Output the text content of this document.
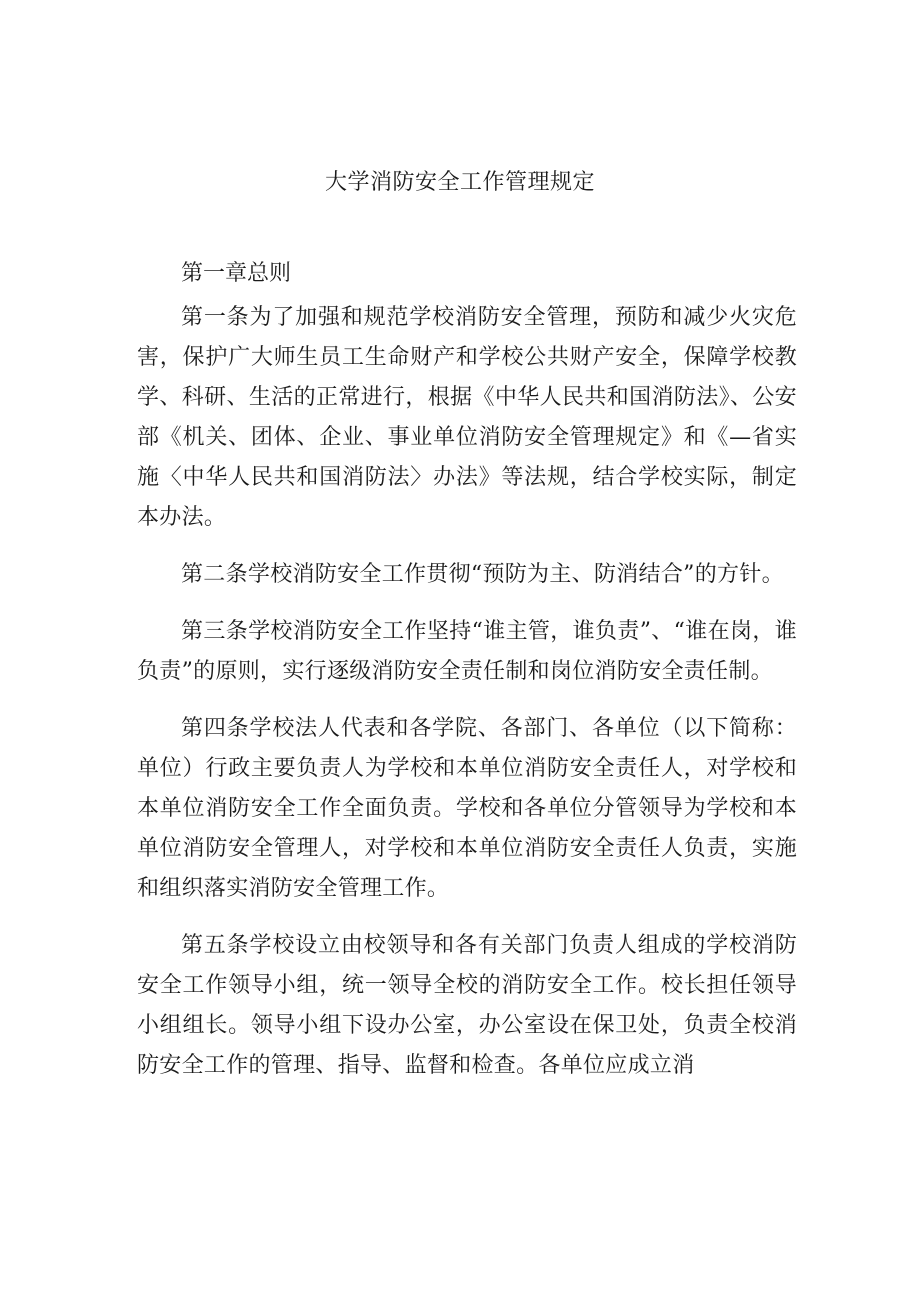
大学消防安全工作管理规定

第一章总则

第一条为了加强和规范学校消防安全管理，预防和减少火灾危害，保护广大师生员工生命财产和学校公共财产安全，保障学校教学、科研、生活的正常进行，根据《中华人民共和国消防法》、公安部《机关、团体、企业、事业单位消防安全管理规定》和《—省实施〈中华人民共和国消防法〉办法》等法规，结合学校实际，制定本办法。

第二条学校消防安全工作贯彻“预防为主、防消结合”的方针。

第三条学校消防安全工作坚持“谁主管，谁负责”、“谁在岗，谁负责”的原则，实行逐级消防安全责任制和岗位消防安全责任制。

第四条学校法人代表和各学院、各部门、各单位（以下简称：单位）行政主要负责人为学校和本单位消防安全责任人，对学校和本单位消防安全工作全面负责。学校和各单位分管领导为学校和本单位消防安全管理人，对学校和本单位消防安全责任人负责，实施和组织落实消防安全管理工作。

第五条学校设立由校领导和各有关部门负责人组成的学校消防安全工作领导小组，统一领导全校的消防安全工作。校长担任领导小组组长。领导小组下设办公室，办公室设在保卫处，负责全校消防安全工作的管理、指导、监督和检查。各单位应成立消
